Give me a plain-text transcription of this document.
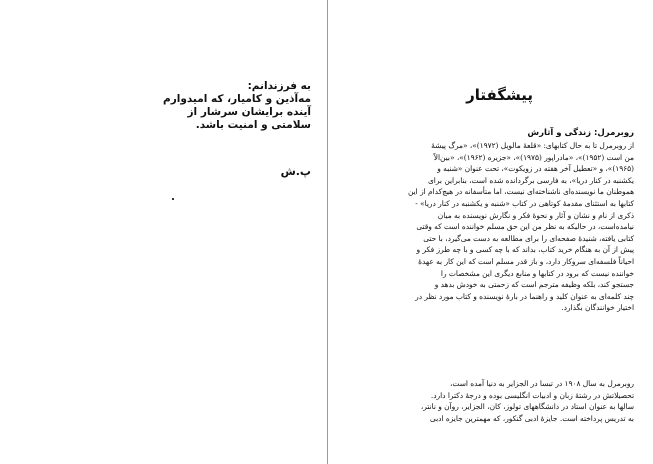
به فرزندانم:
مه‌آذین و کامیار، که امیدوارم
آینده برایشان سرشار از
سلامتی و امنیت باشد.
پ.ش
پیشگفتار
روبرمرل: زندگی و آثارش
از روبرمرل تا به حال کتابهای: «قلعهٔ مالویل (۱۹۷۲)»، «مرگ پیشهٔ
من است (۱۹۵۲)»، «مادراپور (۱۹۷۵)»، «جزیره (۱۹۶۲)»، «بین‌الاً
(۱۹۶۵)»، و «تعطیل آخر هفته در زویکوت»، تحت عنوان «شنبه و
یکشنبه در کنار دریا»، به فارسی برگردانده شده است، بنابراین برای
هموطنان ما نویسنده‌ای ناشناخته‌ای نیست، اما متأسفانه در هیچ‌کدام از این
کتابها به استثنای مقدمهٔ کوتاهی در کتاب «شنبه و یکشنبه در کنار دریا» -
ذکری از نام و نشان و آثار و نحوهٔ فکر و نگارش نویسنده به میان
نیامده‌است، در حالیکه به نظر من این حق مسلم خواننده است که وقتی
کتابی یافته، شنیدهٔ صفحه‌ای را برای مطالعه به دست می‌گیرد، با حتی
پیش از آن به هنگام خرید کتاب، بداند که با چه کسی و با چه طرز فکر و
احیاناً فلسفه‌ای سروکار دارد، و باز قدر مسلم است که این کار به عهدهٔ
خواننده نیست که برود در کتابها و منابع دیگری این مشخصات را
جستجو کند، بلکه وظیفه مترجم است که زحمتی به خودش بدهد و
چند کلمه‌ای به عنوان کلید و راهنما در بارهٔ نویسنده و کتاب مورد نظر در
اختیار خوانندگان بگذارد.
روبرمرل به سال ۱۹۰۸ در تبسا در الجزایر به دنیا آمده است،
تحصیلاتش در رشتهٔ زبان و ادبیات انگلیسی بوده و درجهٔ دکترا دارد.
سالها به عنوان استاد در دانشگاههای تولوز، کان، الجزایر، روآن و نانتر،
به تدریس پرداخته است. جایزهٔ ادبی گنکور، که مهمترین جایزه ادبی
